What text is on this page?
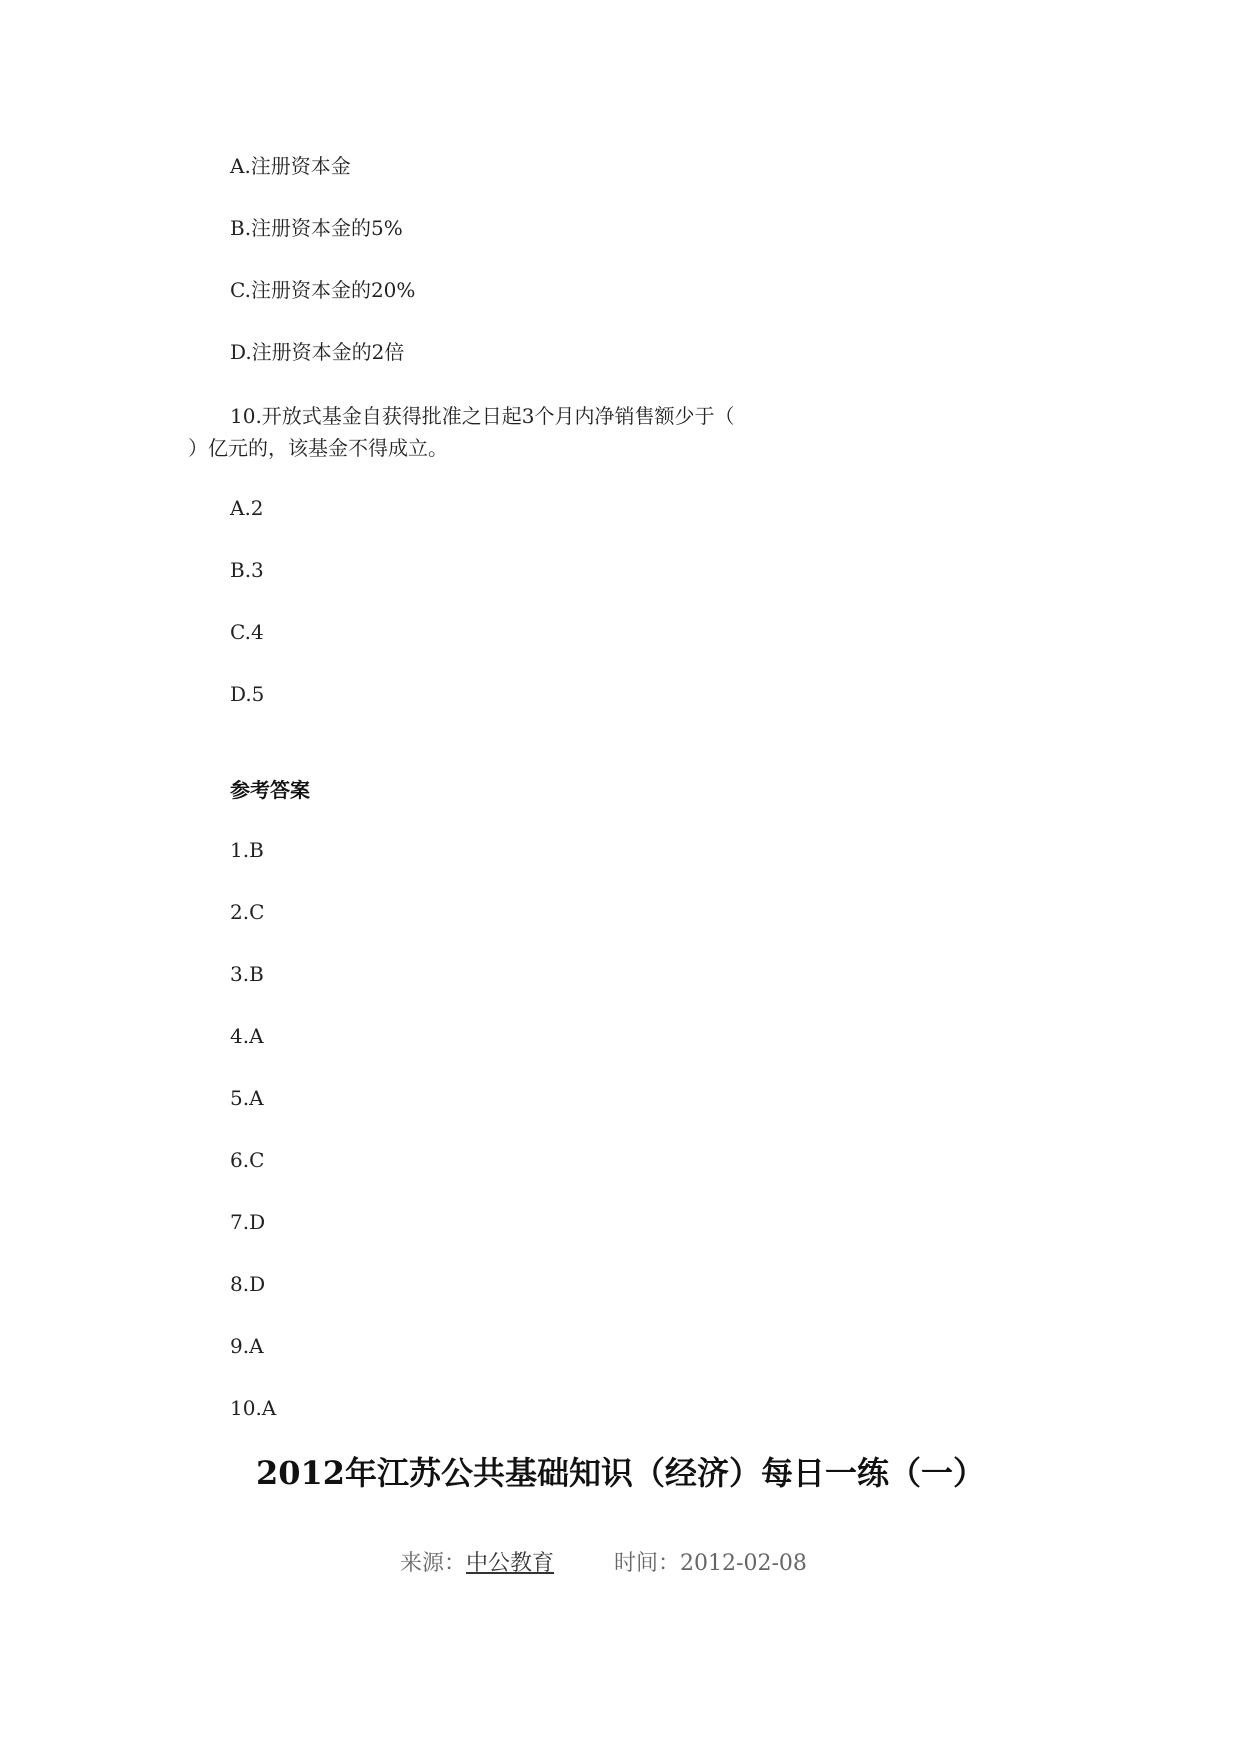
A.注册资本金
B.注册资本金的5%
C.注册资本金的20%
D.注册资本金的2倍
10.开放式基金自获得批准之日起3个月内净销售额少于（
）亿元的，该基金不得成立。
A.2
B.3
C.4
D.5
参考答案
1.B
2.C
3.B
4.A
5.A
6.C
7.D
8.D
9.A
10.A
2012年江苏公共基础知识（经济）每日一练（一）
来源：中公教育	时间：2012-02-08
